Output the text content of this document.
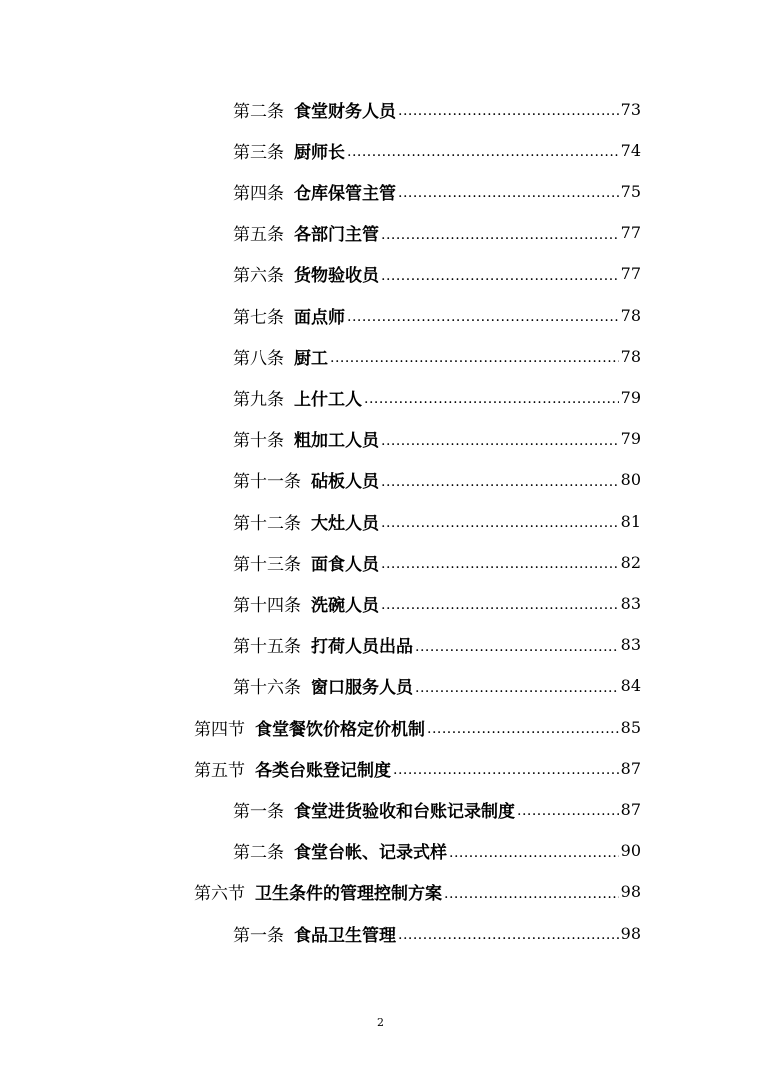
第二条 食堂财务人员 .....	73
第三条 厨师长 .....	74
第四条 仓库保管主管 .....	75
第五条 各部门主管 .....	77
第六条 货物验收员 .....	77
第七条 面点师 .....	78
第八条 厨工 .....	78
第九条 上什工人 .....	79
第十条 粗加工人员 .....	79
第十一条 砧板人员 .....	80
第十二条 大灶人员 .....	81
第十三条 面食人员 .....	82
第十四条 洗碗人员 .....	83
第十五条 打荷人员出品 .....	83
第十六条 窗口服务人员 .....	84
第四节 食堂餐饮价格定价机制 .....	85
第五节 各类台账登记制度 .....	87
第一条 食堂进货验收和台账记录制度 .....	87
第二条 食堂台帐、记录式样 .....	90
第六节 卫生条件的管理控制方案 .....	98
第一条 食品卫生管理 .....	98
2
